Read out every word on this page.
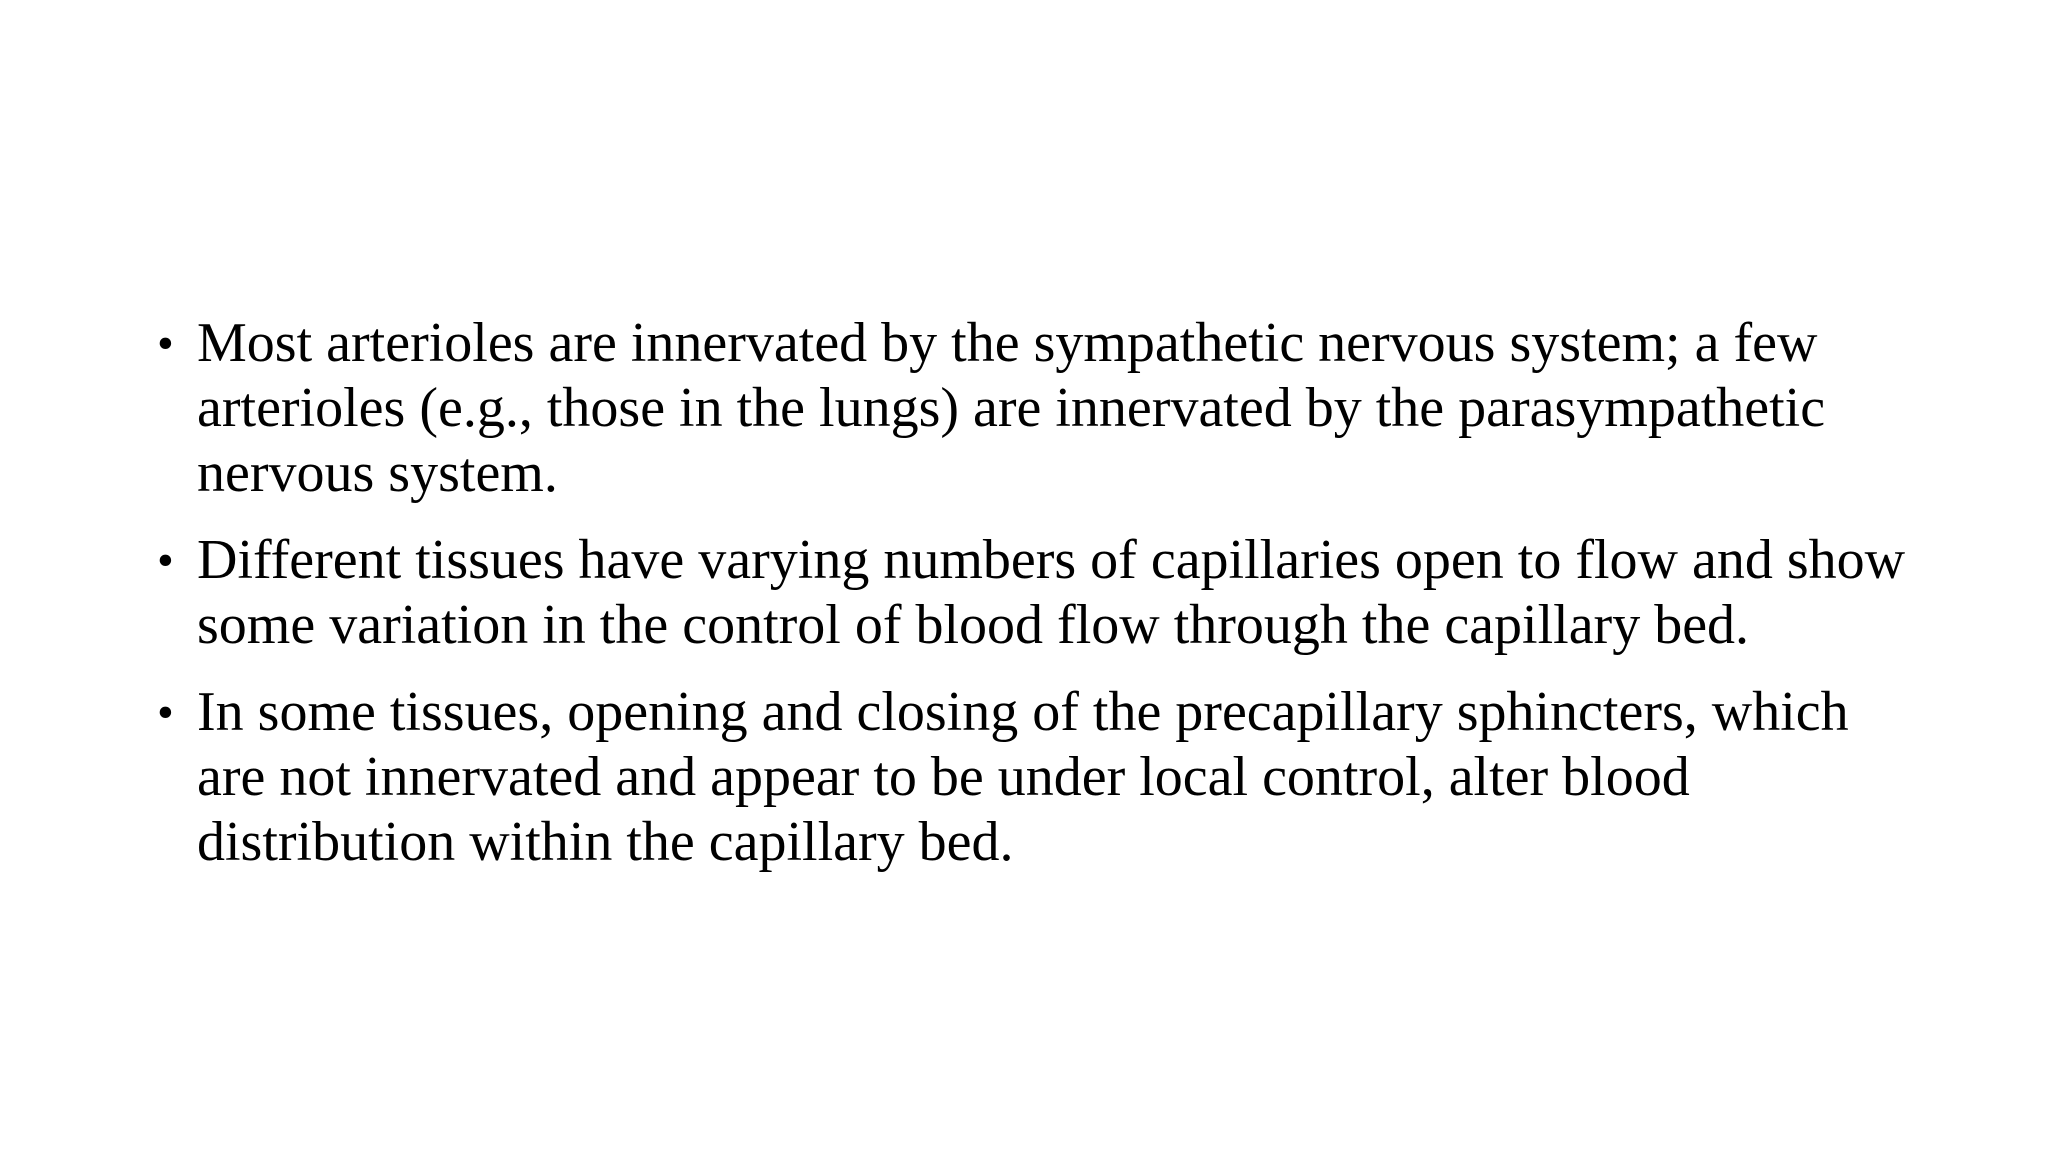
• Most arterioles are innervated by the sympathetic nervous system; a few arterioles (e.g., those in the lungs) are innervated by the parasympathetic nervous system.
• Different tissues have varying numbers of capillaries open to flow and show some variation in the control of blood flow through the capillary bed.
• In some tissues, opening and closing of the precapillary sphincters, which are not innervated and appear to be under local control, alter blood distribution within the capillary bed.
